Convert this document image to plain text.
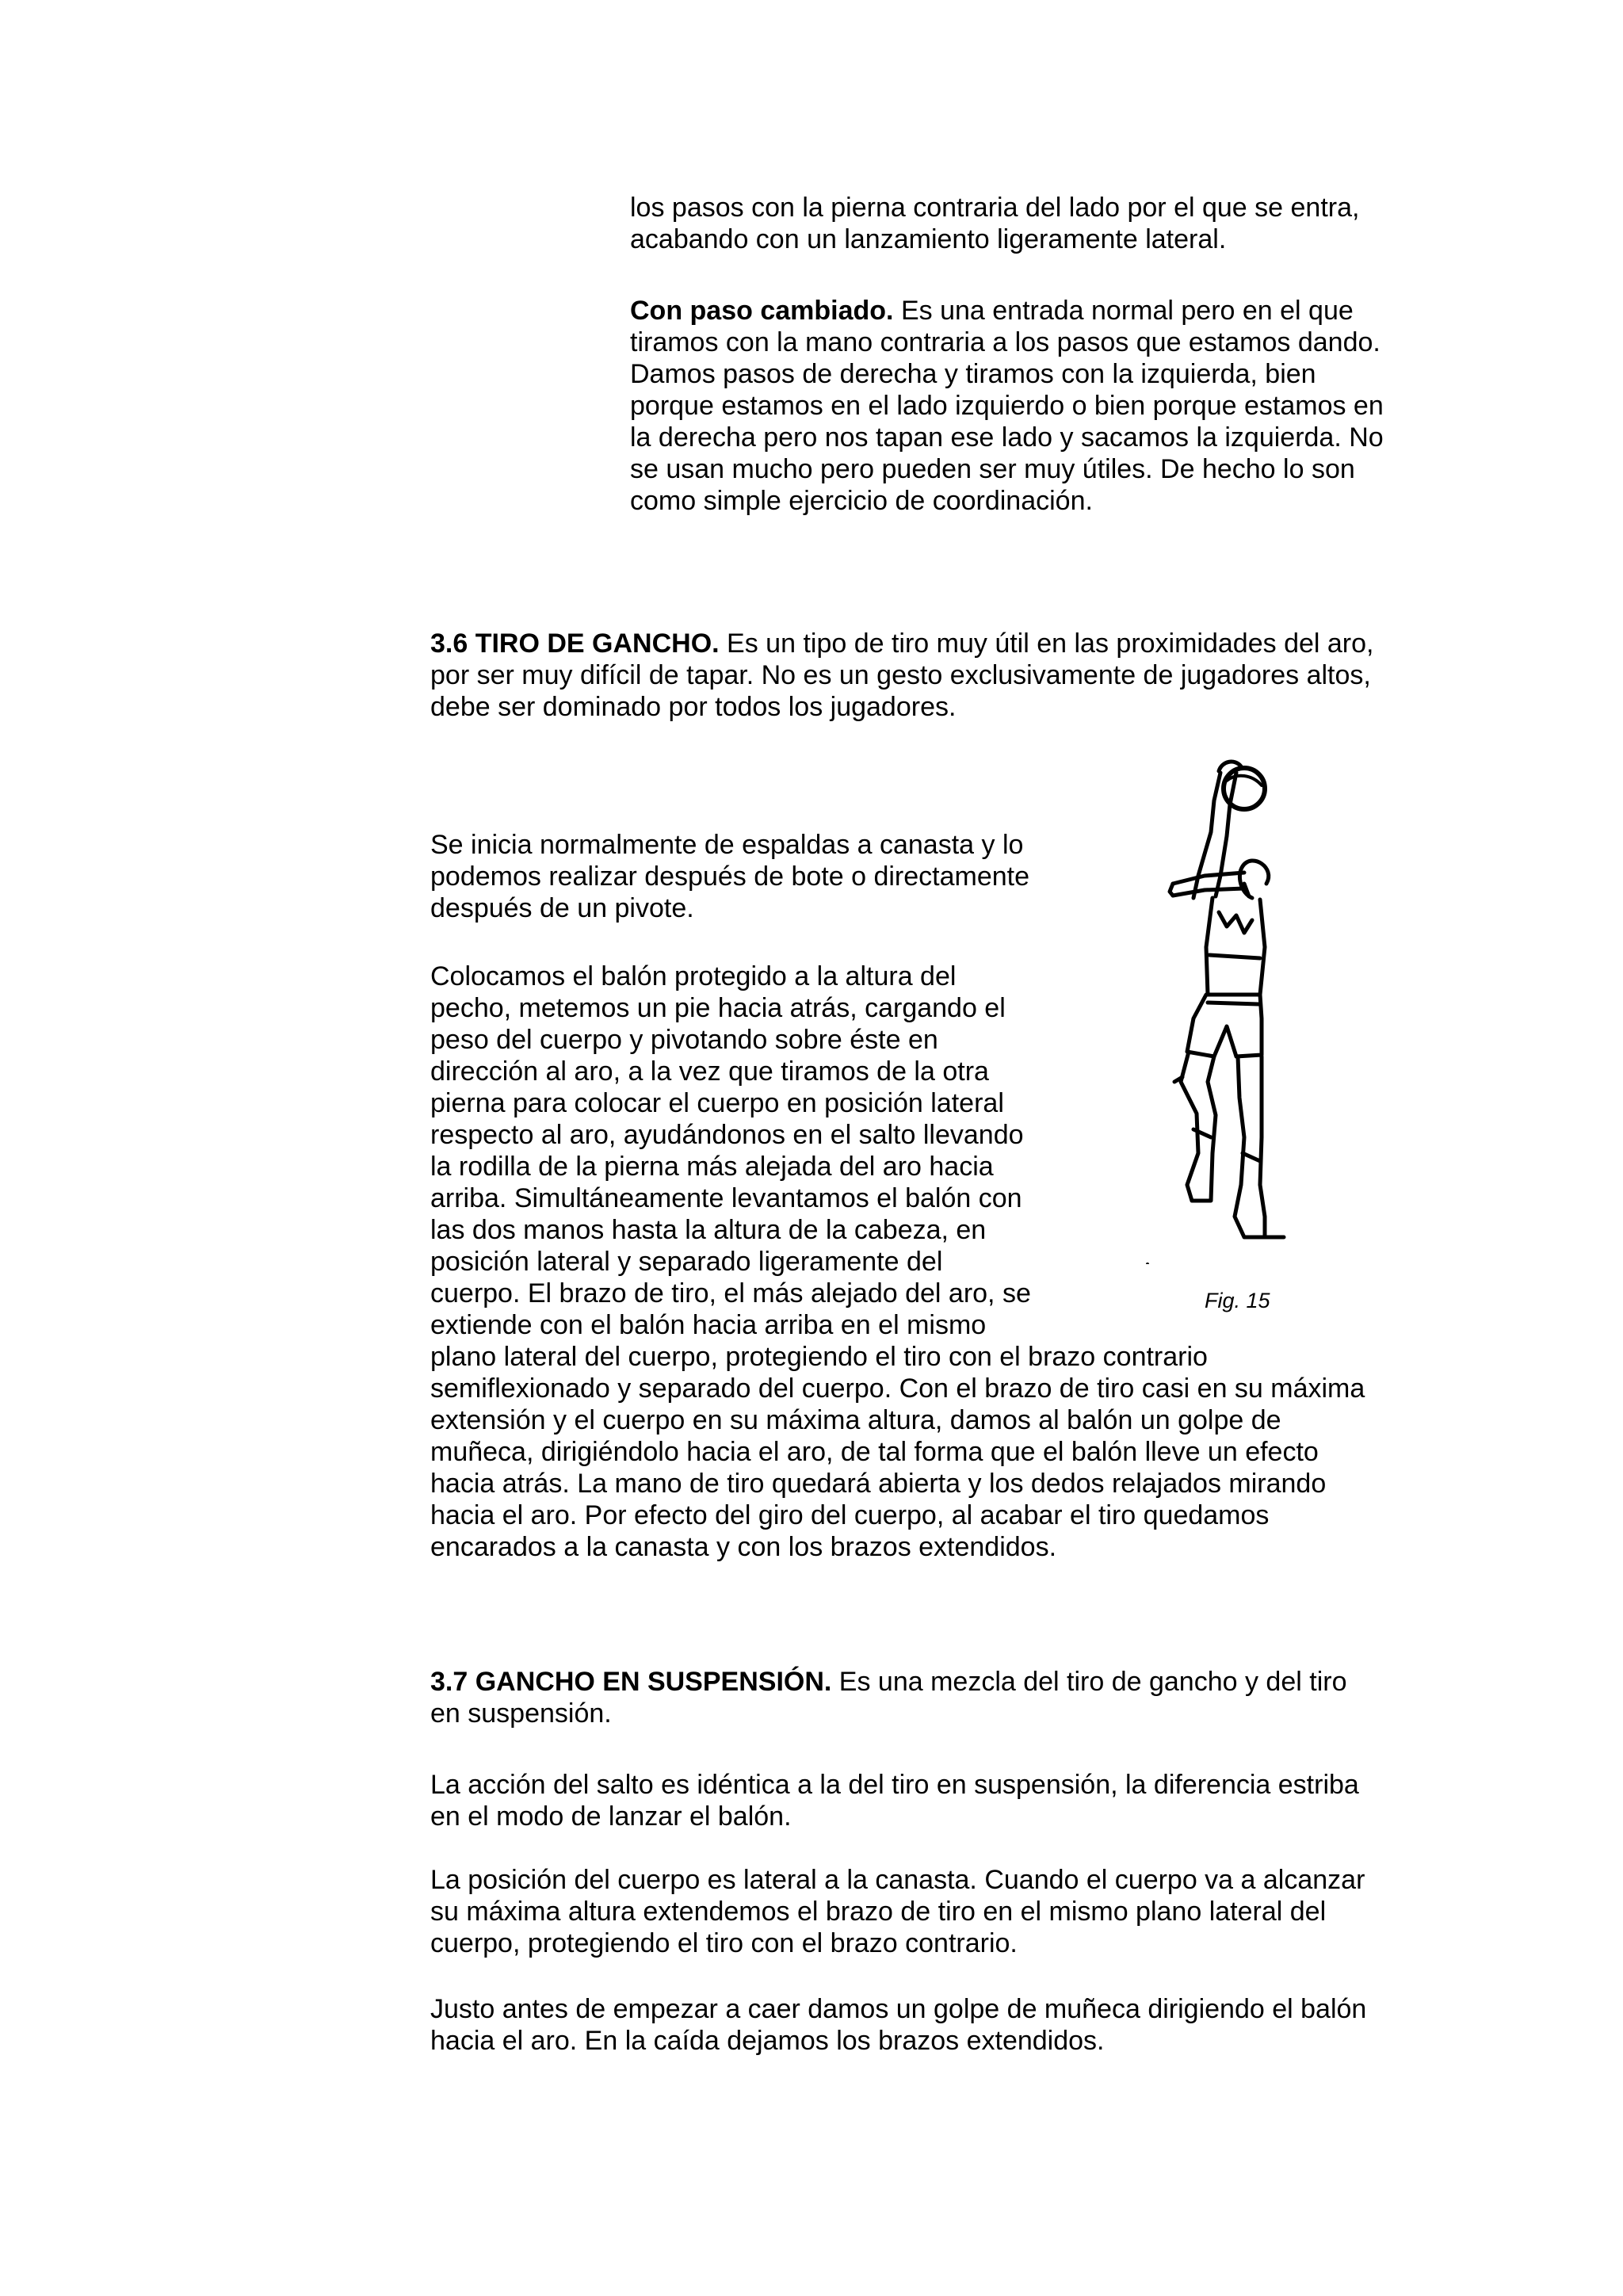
los pasos con la pierna contraria del lado por el que se entra,
acabando con un lanzamiento ligeramente lateral.
Con paso cambiado. Es una entrada normal pero en el que
tiramos con la mano contraria a los pasos que estamos dando.
Damos pasos de derecha y tiramos con la izquierda, bien
porque estamos en el lado izquierdo o bien porque estamos en
la derecha pero nos tapan ese lado y sacamos la izquierda. No
se usan mucho pero pueden ser muy útiles. De hecho lo son
como simple ejercicio de coordinación.
3.6 TIRO DE GANCHO. Es un tipo de tiro muy útil en las proximidades del aro,
por ser muy difícil de tapar. No es un gesto exclusivamente de jugadores altos,
debe ser dominado por todos los jugadores.
Se inicia normalmente de espaldas a canasta y lo
podemos realizar después de bote o directamente
después de un pivote.
Colocamos el balón protegido a la altura del
pecho, metemos un pie hacia atrás, cargando el
peso del cuerpo y pivotando sobre éste en
dirección al aro, a la vez que tiramos de la otra
pierna para colocar el cuerpo en posición lateral
respecto al aro, ayudándonos en el salto llevando
la rodilla de la pierna más alejada del aro hacia
arriba. Simultáneamente levantamos el balón con
las dos manos hasta la altura de la cabeza, en
posición lateral y separado ligeramente del
cuerpo. El brazo de tiro, el más alejado del aro, se
extiende con el balón hacia arriba en el mismo
plano lateral del cuerpo, protegiendo el tiro con el brazo contrario
semiflexionado y separado del cuerpo. Con el brazo de tiro casi en su máxima
extensión y el cuerpo en su máxima altura, damos al balón un golpe de
muñeca, dirigiéndolo hacia el aro, de tal forma que el balón lleve un efecto
hacia atrás. La mano de tiro quedará abierta y los dedos relajados mirando
hacia el aro. Por efecto del giro del cuerpo, al acabar el tiro quedamos
encarados a la canasta y con los brazos extendidos.
Fig. 15
3.7 GANCHO EN SUSPENSIÓN. Es una mezcla del tiro de gancho y del tiro
en suspensión.
La acción del salto es idéntica a la del tiro en suspensión, la diferencia estriba
en el modo de lanzar el balón.
La posición del cuerpo es lateral a la canasta. Cuando el cuerpo va a alcanzar
su máxima altura extendemos el brazo de tiro en el mismo plano lateral del
cuerpo, protegiendo el tiro con el brazo contrario.
Justo antes de empezar a caer damos un golpe de muñeca dirigiendo el balón
hacia el aro. En la caída dejamos los brazos extendidos.
